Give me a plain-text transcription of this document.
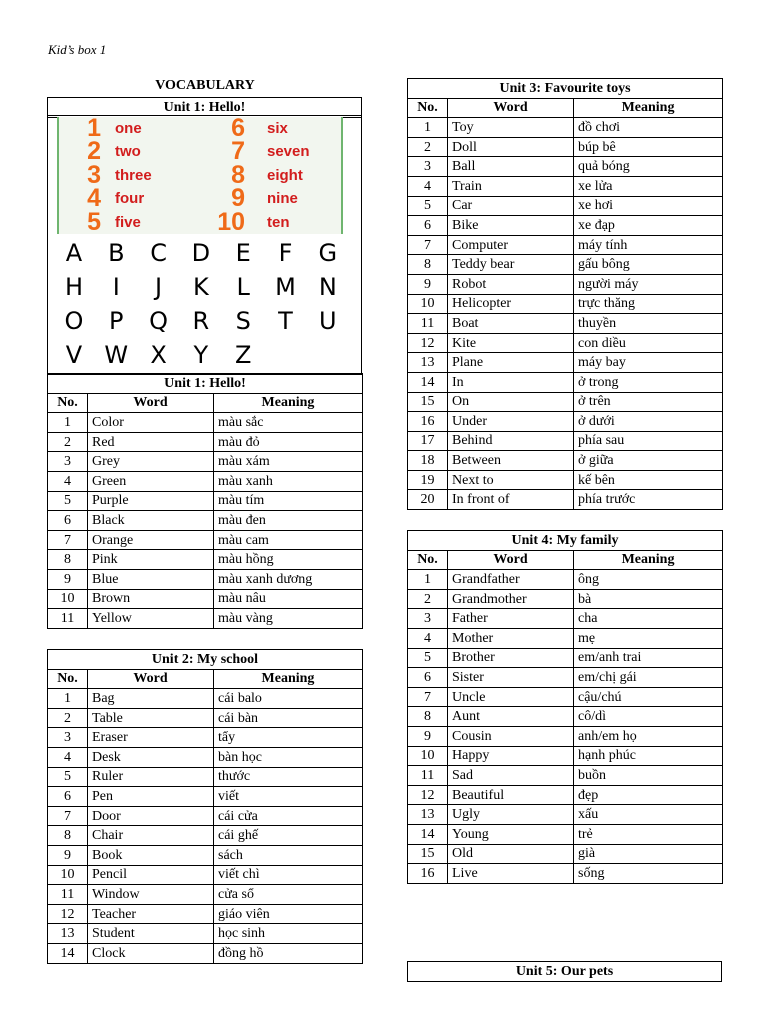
Kid’s box 1
VOCABULARY
Unit 1: Hello!
1 one	6 six
2 two	7 seven
3 three	8 eight
4 four	9 nine
5 five	10 ten
A	B	C	D	E	F	G
H	I	J	K	L	M N
O	P	Q	R	S	T	U
V W X	Y	Z
Unit 1: Hello!		
No.	Word	Meaning
1	Color	màu sắc
2	Red	màu đỏ
3	Grey	màu xám
4	Green	màu xanh
5	Purple	màu tím
6	Black	màu đen
7	Orange	màu cam
8	Pink	màu hồng
9	Blue	màu xanh dương
10	Brown	màu nâu
11	Yellow	màu vàng
Unit 2: My school		
No.	Word	Meaning
1	Bag	cái balo
2	Table	cái bàn
3	Eraser	tẩy
4	Desk	bàn học
5	Ruler	thước
6	Pen	viết
7	Door	cái cửa
8	Chair	cái ghế
9	Book	sách
10	Pencil	viết chì
11	Window	cửa sổ
12	Teacher	giáo viên
13	Student	học sinh
14	Clock	đồng hồ
Unit 3: Favourite toys		
No.	Word	Meaning
1	Toy	đồ chơi
2	Doll	búp bê
3	Ball	quả bóng
4	Train	xe lửa
5	Car	xe hơi
6	Bike	xe đạp
7	Computer	máy tính
8	Teddy bear	gấu bông
9	Robot	người máy
10	Helicopter	trực thăng
11	Boat	thuyền
12	Kite	con diều
13	Plane	máy bay
14	In	ở trong
15	On	ở trên
16	Under	ở dưới
17	Behind	phía sau
18	Between	ở giữa
19	Next to	kế bên
20	In front of	phía trước
Unit 4: My family		
No.	Word	Meaning
1	Grandfather	ông
2	Grandmother	bà
3	Father	cha
4	Mother	mẹ
5	Brother	em/anh trai
6	Sister	em/chị gái
7	Uncle	cậu/chú
8	Aunt	cô/dì
9	Cousin	anh/em họ
10	Happy	hạnh phúc
11	Sad	buồn
12	Beautiful	đẹp
13	Ugly	xấu
14	Young	trẻ
15	Old	già
16	Live	sống
Unit 5: Our pets
